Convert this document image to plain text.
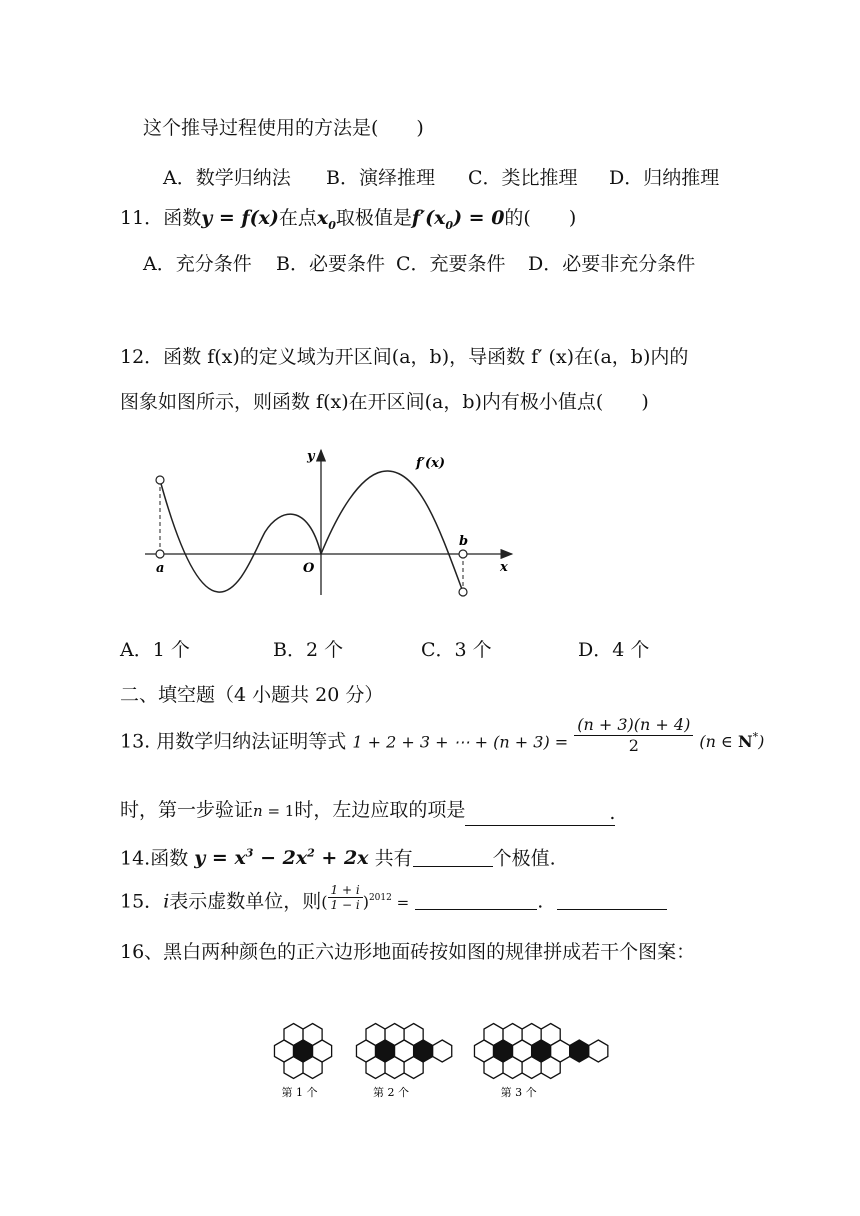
这个推导过程使用的方法是(　　)
A．数学归纳法 B．演绎推理 C．类比推理 D．归纳推理
11．函数y = f(x)在点$x_0$取极值是$f'(x_0) = 0$的(　　)
A．充分条件 B．必要条件 C．充要条件 D．必要非充分条件
12．函数 f(x)的定义域为开区间(a，b)，导函数 f′ (x)在(a，b)内的
图象如图所示，则函数 f(x)在开区间(a，b)内有极小值点(　　)
y
x
f′(x)
a
b
O
A．1 个	B．2 个	C．3 个	D．4 个
二、填空题（4 小题共 20 分）
13. 用数学归纳法证明等式 1 + 2 + 3 + ⋯ + $(n + 3) = \frac{(n + 3)(n + 4)}{2} (n$ ∈ N*)
时，第一步验证n = 1时，左边应取的项是	.
14.函数 $y = x^3 - 2x^2 + 2x$ 共有	个极值.
15．i表示虚数单位，则( $\frac{1 + i}{1 - i} )^{2012}$ =	.
16、黑白两种颜色的正六边形地面砖按如图的规律拼成若干个图案：
第 1 个	第 2 个	第 3 个
